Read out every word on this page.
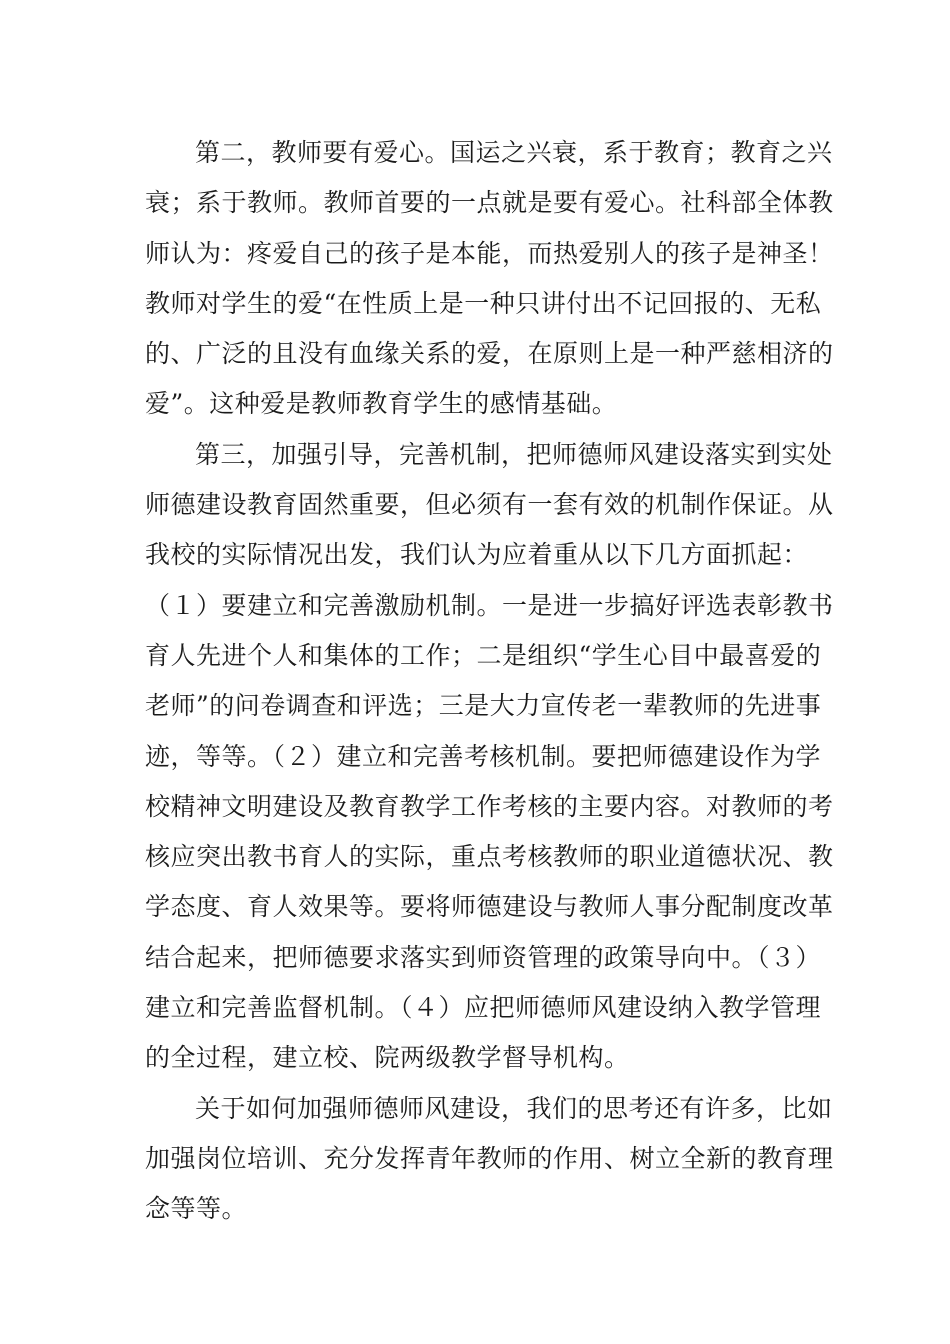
第二，教师要有爱心。国运之兴衰，系于教育；教育之兴
衰；系于教师。教师首要的一点就是要有爱心。社科部全体教
师认为：疼爱自己的孩子是本能，而热爱别人的孩子是神圣！
教师对学生的爱“在性质上是一种只讲付出不记回报的、无私
的、广泛的且没有血缘关系的爱，在原则上是一种严慈相济的
爱”。这种爱是教师教育学生的感情基础。
第三，加强引导，完善机制，把师德师风建设落实到实处
师德建设教育固然重要，但必须有一套有效的机制作保证。从
我校的实际情况出发，我们认为应着重从以下几方面抓起：
（１）要建立和完善激励机制。一是进一步搞好评选表彰教书
育人先进个人和集体的工作；二是组织“学生心目中最喜爱的
老师”的问卷调查和评选；三是大力宣传老一辈教师的先进事
迹，等等。（２）建立和完善考核机制。要把师德建设作为学
校精神文明建设及教育教学工作考核的主要内容。对教师的考
核应突出教书育人的实际，重点考核教师的职业道德状况、教
学态度、育人效果等。要将师德建设与教师人事分配制度改革
结合起来，把师德要求落实到师资管理的政策导向中。（３）
建立和完善监督机制。（４）应把师德师风建设纳入教学管理
的全过程，建立校、院两级教学督导机构。
关于如何加强师德师风建设，我们的思考还有许多，比如
加强岗位培训、充分发挥青年教师的作用、树立全新的教育理
念等等。
